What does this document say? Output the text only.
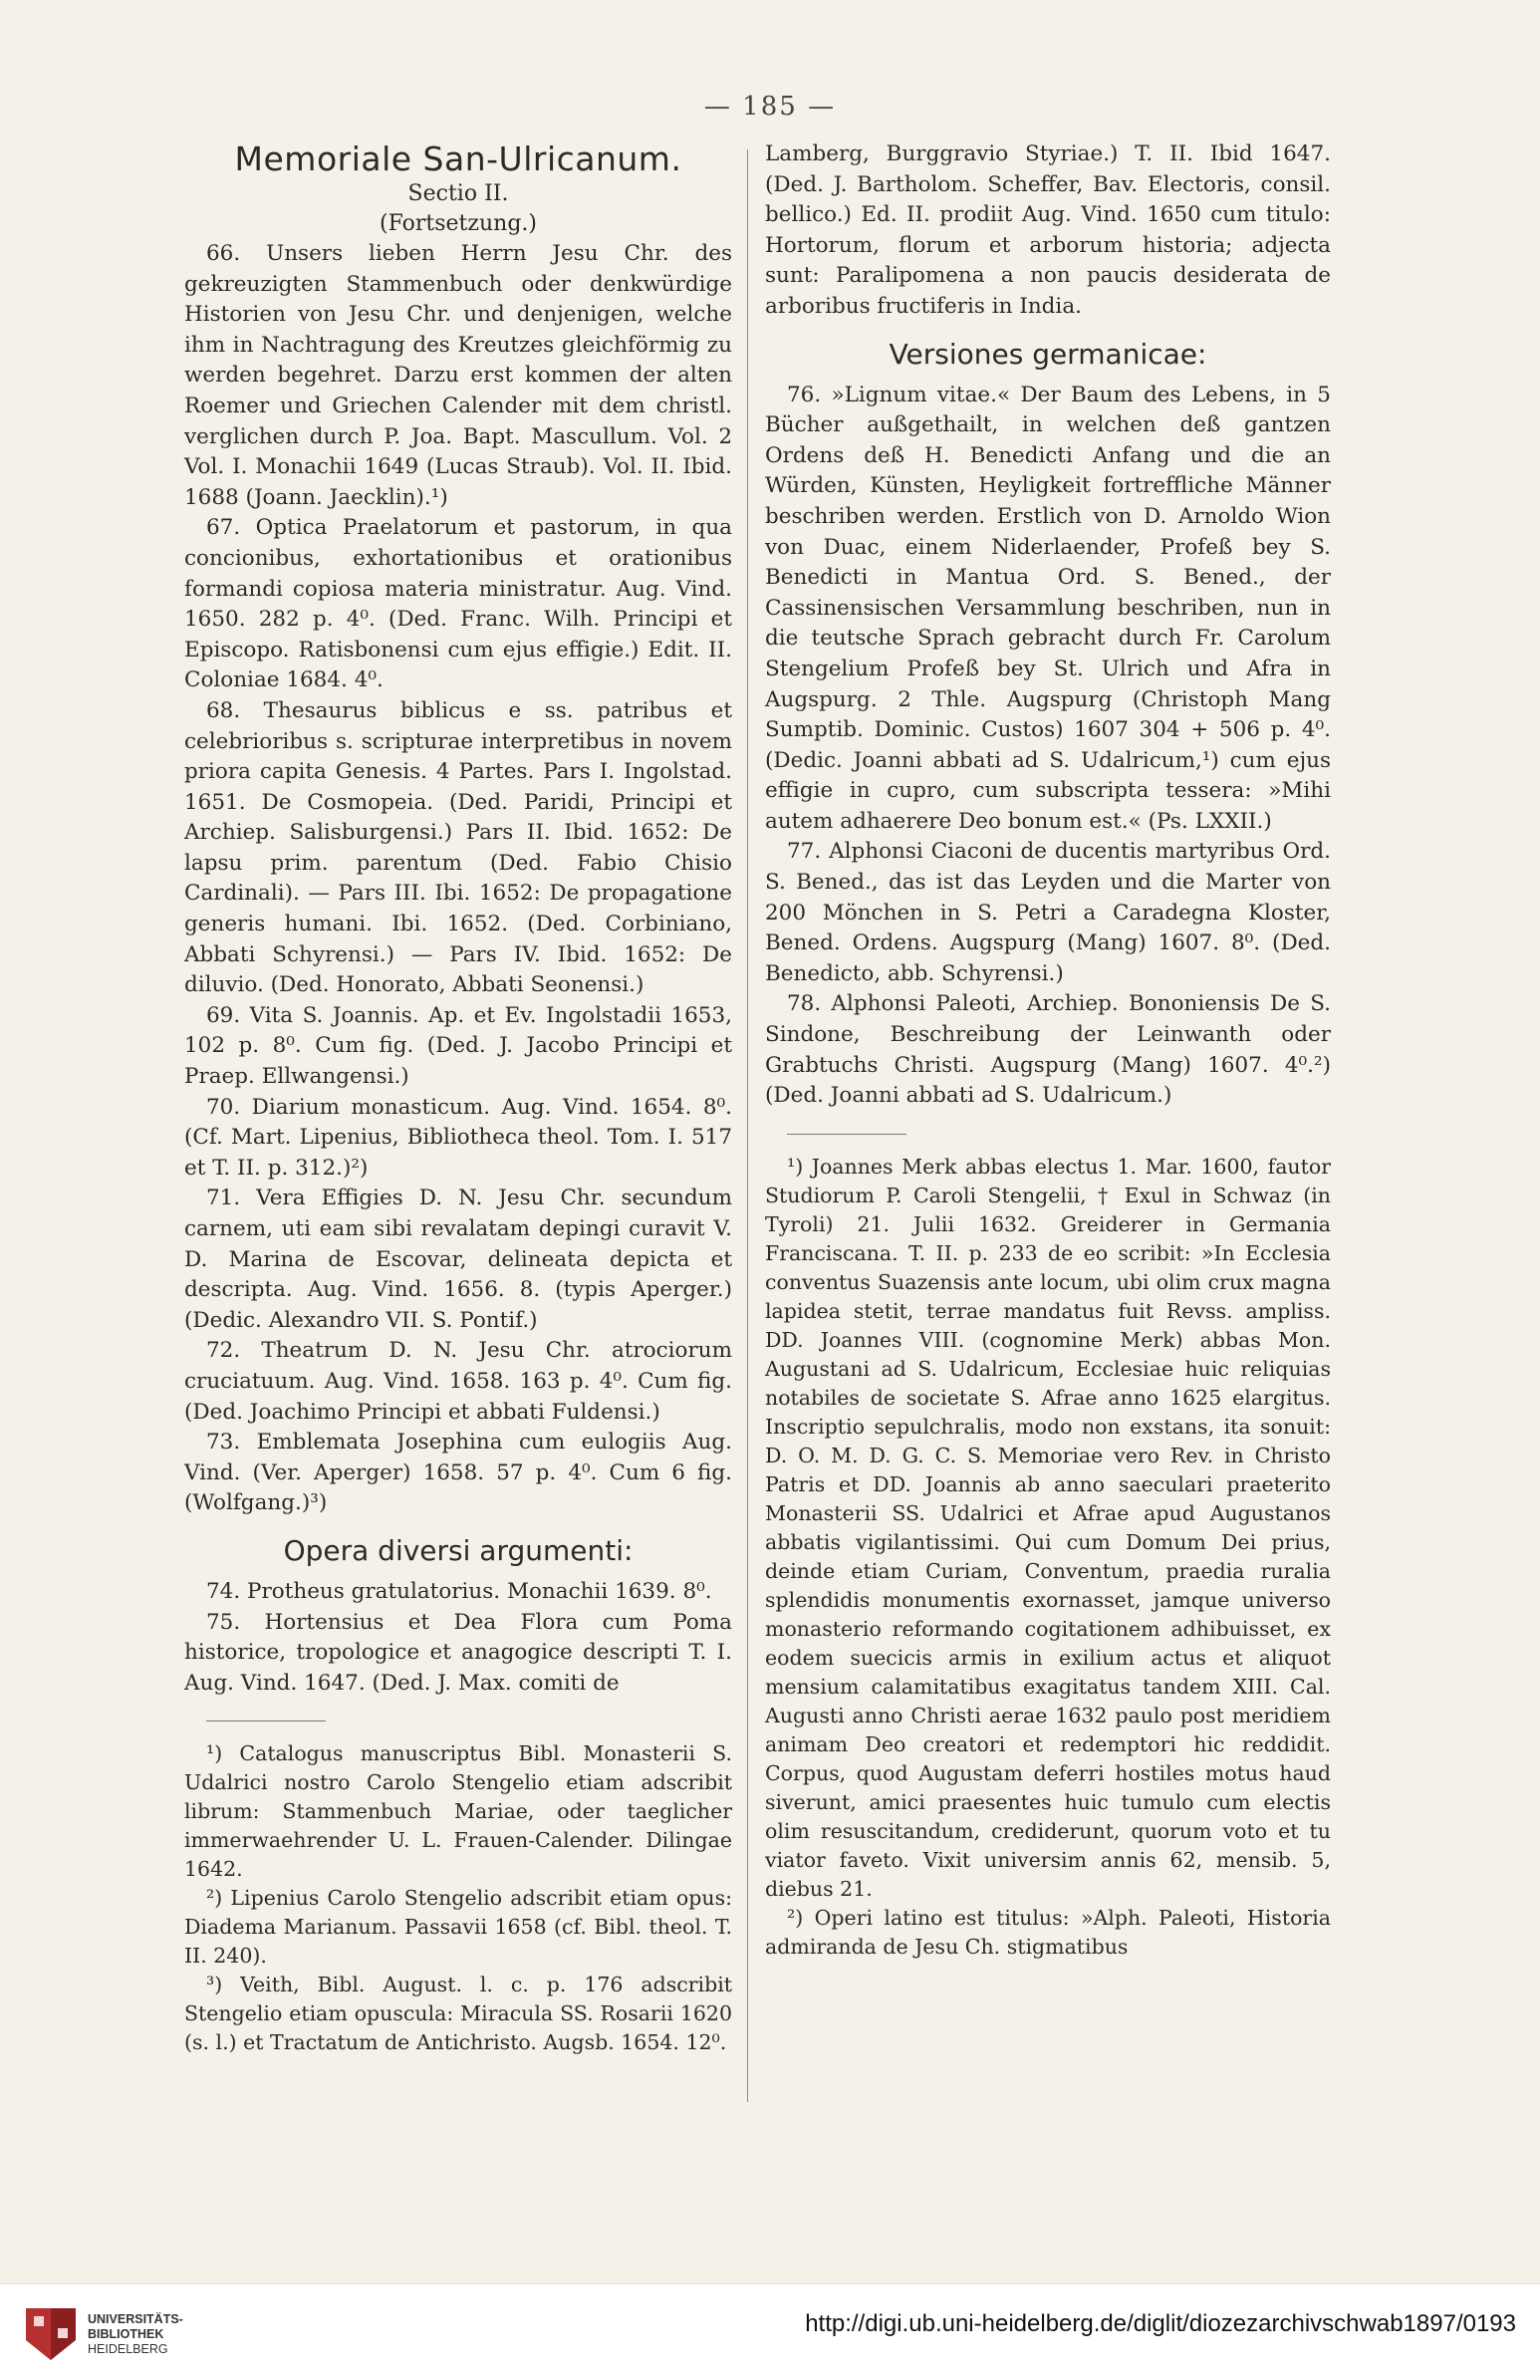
— 185 —
Memoriale San-Ulricanum.

Sectio II.

(Fortsetzung.)

66. Unsers lieben Herrn Jesu Chr. des gekreuzigten Stammenbuch oder denkwürdige Historien von Jesu Chr. und denjenigen, welche ihm in Nachtragung des Kreutzes gleichförmig zu werden begehret. Darzu erst kommen der alten Roemer und Griechen Calender mit dem christl. verglichen durch P. Joa. Bapt. Mascullum. Vol. 2 Vol. I. Monachii 1649 (Lucas Straub). Vol. II. Ibid. 1688 (Joann. Jaecklin).¹)

67. Optica Praelatorum et pastorum, in qua concionibus, exhortationibus et orationibus formandi copiosa materia ministratur. Aug. Vind. 1650. 282 p. 4⁰. (Ded. Franc. Wilh. Principi et Episcopo. Ratisbonensi cum ejus effigie.) Edit. II. Coloniae 1684. 4⁰.

68. Thesaurus biblicus e ss. patribus et celebrioribus s. scripturae interpretibus in novem priora capita Genesis. 4 Partes. Pars I. Ingolstad. 1651. De Cosmopeia. (Ded. Paridi, Principi et Archiep. Salisburgensi.) Pars II. Ibid. 1652: De lapsu prim. parentum (Ded. Fabio Chisio Cardinali). — Pars III. Ibi. 1652: De propagatione generis humani. Ibi. 1652. (Ded. Corbiniano, Abbati Schyrensi.) — Pars IV. Ibid. 1652: De diluvio. (Ded. Honorato, Abbati Seonensi.)

69. Vita S. Joannis. Ap. et Ev. Ingolstadii 1653, 102 p. 8⁰. Cum fig. (Ded. J. Jacobo Principi et Praep. Ellwangensi.)

70. Diarium monasticum. Aug. Vind. 1654. 8⁰. (Cf. Mart. Lipenius, Bibliotheca theol. Tom. I. 517 et T. II. p. 312.)²)

71. Vera Effigies D. N. Jesu Chr. secundum carnem, uti eam sibi revalatam depingi curavit V. D. Marina de Escovar, delineata depicta et descripta. Aug. Vind. 1656. 8. (typis Aperger.) (Dedic. Alexandro VII. S. Pontif.)

72. Theatrum D. N. Jesu Chr. atrociorum cruciatuum. Aug. Vind. 1658. 163 p. 4⁰. Cum fig. (Ded. Joachimo Principi et abbati Fuldensi.)

73. Emblemata Josephina cum eulogiis Aug. Vind. (Ver. Aperger) 1658. 57 p. 4⁰. Cum 6 fig. (Wolfgang.)³)

Opera diversi argumenti:

74. Protheus gratulatorius. Monachii 1639. 8⁰.

75. Hortensius et Dea Flora cum Poma historice, tropologice et anagogice descripti T. I. Aug. Vind. 1647. (Ded. J. Max. comiti de

¹) Catalogus manuscriptus Bibl. Monasterii S. Udalrici nostro Carolo Stengelio etiam adscribit librum: Stammenbuch Mariae, oder taeglicher immerwaehrender U. L. Frauen-Calender. Dilingae 1642.

²) Lipenius Carolo Stengelio adscribit etiam opus: Diadema Marianum. Passavii 1658 (cf. Bibl. theol. T. II. 240).

³) Veith, Bibl. August. l. c. p. 176 adscribit Stengelio etiam opuscula: Miracula SS. Rosarii 1620 (s. l.) et Tractatum de Antichristo. Augsb. 1654. 12⁰.

Lamberg, Burggravio Styriae.) T. II. Ibid 1647. (Ded. J. Bartholom. Scheffer, Bav. Electoris, consil. bellico.) Ed. II. prodiit Aug. Vind. 1650 cum titulo: Hortorum, florum et arborum historia; adjecta sunt: Paralipomena a non paucis desiderata de arboribus fructiferis in India.

Versiones germanicae:

76. »Lignum vitae.« Der Baum des Lebens, in 5 Bücher außgethailt, in welchen deß gantzen Ordens deß H. Benedicti Anfang und die an Würden, Künsten, Heyligkeit fortreffliche Männer beschriben werden. Erstlich von D. Arnoldo Wion von Duac, einem Niderlaender, Profeß bey S. Benedicti in Mantua Ord. S. Bened., der Cassinensischen Versammlung beschriben, nun in die teutsche Sprach gebracht durch Fr. Carolum Stengelium Profeß bey St. Ulrich und Afra in Augspurg. 2 Thle. Augspurg (Christoph Mang Sumptib. Dominic. Custos) 1607 304 + 506 p. 4⁰. (Dedic. Joanni abbati ad S. Udalricum,¹) cum ejus effigie in cupro, cum subscripta tessera: »Mihi autem adhaerere Deo bonum est.« (Ps. LXXII.)

77. Alphonsi Ciaconi de ducentis martyribus Ord. S. Bened., das ist das Leyden und die Marter von 200 Mönchen in S. Petri a Caradegna Kloster, Bened. Ordens. Augspurg (Mang) 1607. 8⁰. (Ded. Benedicto, abb. Schyrensi.)

78. Alphonsi Paleoti, Archiep. Bononiensis De S. Sindone, Beschreibung der Leinwanth oder Grabtuchs Christi. Augspurg (Mang) 1607. 4⁰.²) (Ded. Joanni abbati ad S. Udalricum.)

¹) Joannes Merk abbas electus 1. Mar. 1600, fautor Studiorum P. Caroli Stengelii, † Exul in Schwaz (in Tyroli) 21. Julii 1632. Greiderer in Germania Franciscana. T. II. p. 233 de eo scribit: »In Ecclesia conventus Suazensis ante locum, ubi olim crux magna lapidea stetit, terrae mandatus fuit Revss. ampliss. DD. Joannes VIII. (cognomine Merk) abbas Mon. Augustani ad S. Udalricum, Ecclesiae huic reliquias notabiles de societate S. Afrae anno 1625 elargitus. Inscriptio sepulchralis, modo non exstans, ita sonuit: D. O. M. D. G. C. S. Memoriae vero Rev. in Christo Patris et DD. Joannis ab anno saeculari praeterito Monasterii SS. Udalrici et Afrae apud Augustanos abbatis vigilantissimi. Qui cum Domum Dei prius, deinde etiam Curiam, Conventum, praedia ruralia splendidis monumentis exornasset, jamque universo monasterio reformando cogitationem adhibuisset, ex eodem suecicis armis in exilium actus et aliquot mensium calamitatibus exagitatus tandem XIII. Cal. Augusti anno Christi aerae 1632 paulo post meridiem animam Deo creatori et redemptori hic reddidit. Corpus, quod Augustam deferri hostiles motus haud siverunt, amici praesentes huic tumulo cum electis olim resuscitandum, crediderunt, quorum voto et tu viator faveto. Vixit universim annis 62, mensib. 5, diebus 21.

²) Operi latino est titulus: »Alph. Paleoti, Historia admiranda de Jesu Ch. stigmatibus

UNIVERSITÄTS-
BIBLIOTHEK
HEIDELBERG
http://digi.ub.uni-heidelberg.de/diglit/diozezarchivschwab1897/0193
